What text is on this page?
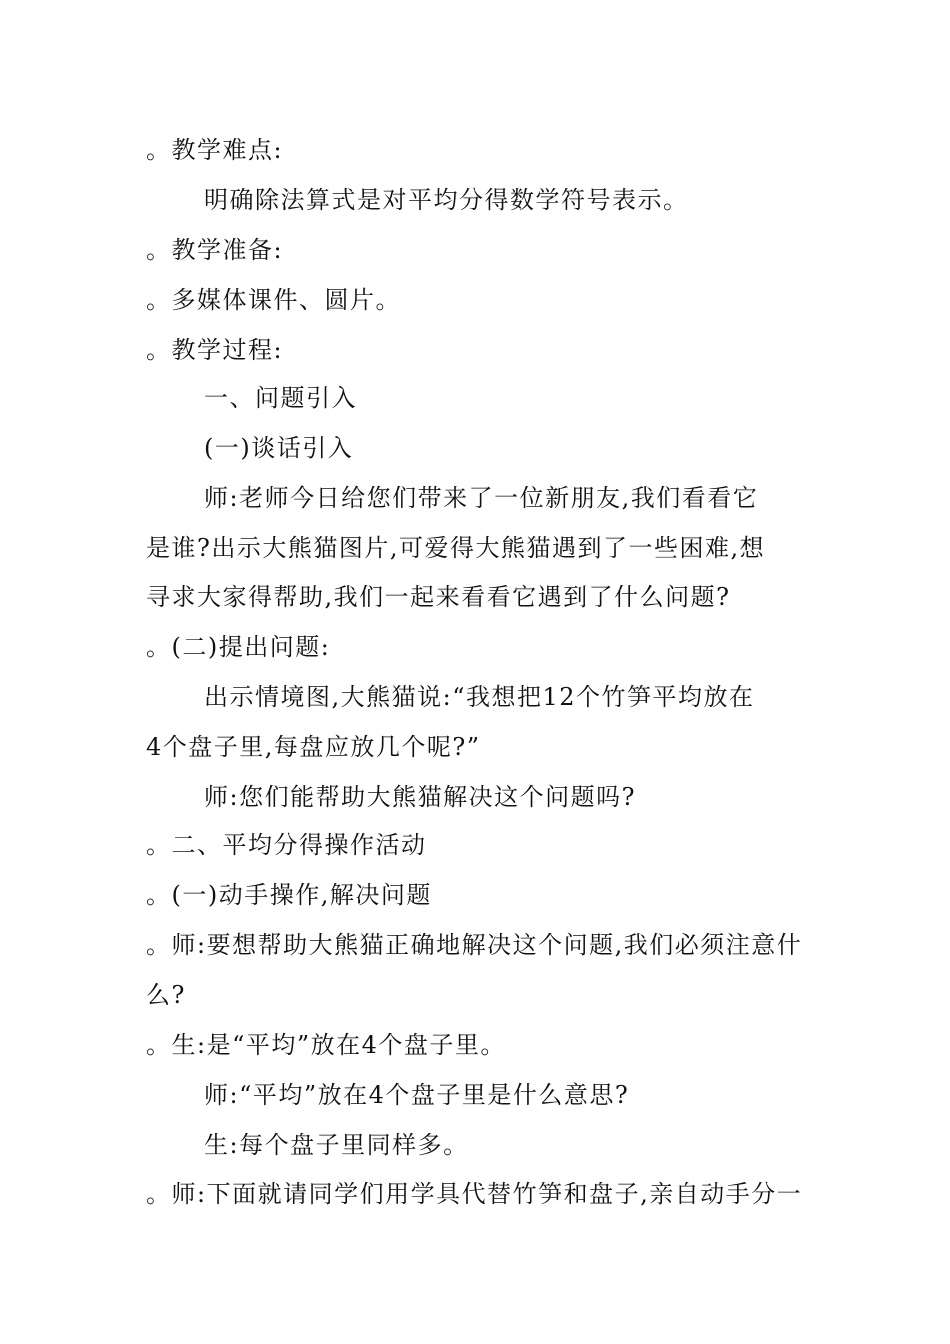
。教学难点:
明确除法算式是对平均分得数学符号表示。
。教学准备:
。多媒体课件、圆片。
。教学过程:
一、问题引入
(一)谈话引入
师:老师今日给您们带来了一位新朋友,我们看看它
是谁?出示大熊猫图片,可爱得大熊猫遇到了一些困难,想
寻求大家得帮助,我们一起来看看它遇到了什么问题?
。(二)提出问题:
出示情境图,大熊猫说:“我想把12个竹笋平均放在
4个盘子里,每盘应放几个呢?”
师:您们能帮助大熊猫解决这个问题吗?
。二、平均分得操作活动
。(一)动手操作,解决问题
。师:要想帮助大熊猫正确地解决这个问题,我们必须注意什
么?
。生:是“平均”放在4个盘子里。
师:“平均”放在4个盘子里是什么意思?
生:每个盘子里同样多。
。师:下面就请同学们用学具代替竹笋和盘子,亲自动手分一
